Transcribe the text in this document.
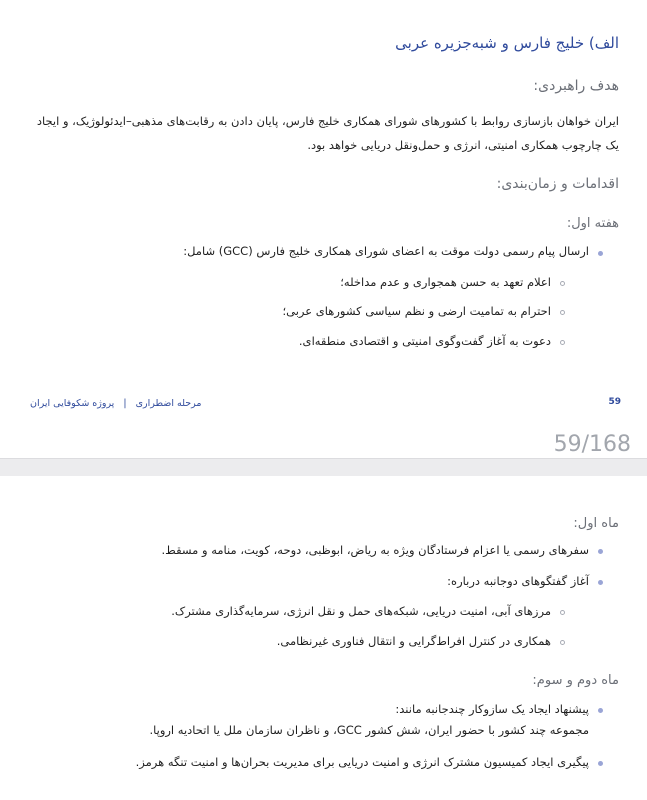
الف) خلیج فارس و شبه‌جزیره عربی
هدف راهبردی:
ایران خواهان بازسازی روابط با کشورهای شورای همکاری خلیج فارس، پایان دادن به رقابت‌های مذهبی–ایدئولوژیک، و ایجاد یک چارچوب همکاری امنیتی، انرژی و حمل‌ونقل دریایی خواهد بود.
اقدامات و زمان‌بندی:
هفته اول:
ارسال پیام رسمی دولت موقت به اعضای شورای همکاری خلیج فارس (GCC) شامل:
اعلام تعهد به حسن همجواری و عدم مداخله؛
احترام به تمامیت ارضی و نظم سیاسی کشورهای عربی؛
دعوت به آغاز گفت‌وگوی امنیتی و اقتصادی منطقه‌ای.
مرحله اضطراری | پروژه شکوفایی ایران	59
59/168
ماه اول:
سفرهای رسمی یا اعزام فرستادگان ویژه به ریاض، ابوظبی، دوحه، کویت، منامه و مسقط.
آغاز گفتگوهای دوجانبه درباره:
مرزهای آبی، امنیت دریایی، شبکه‌های حمل و نقل انرژی، سرمایه‌گذاری مشترک.
همکاری در کنترل افراط‌گرایی و انتقال فناوری غیرنظامی.
ماه دوم و سوم:
پیشنهاد ایجاد یک سازوکار چندجانبه مانند:
مجموعه چند کشور با حضور ایران، شش کشور GCC، و ناظران سازمان ملل یا اتحادیه اروپا.
پیگیری ایجاد کمیسیون مشترک انرژی و امنیت دریایی برای مدیریت بحران‌ها و امنیت تنگه هرمز.
